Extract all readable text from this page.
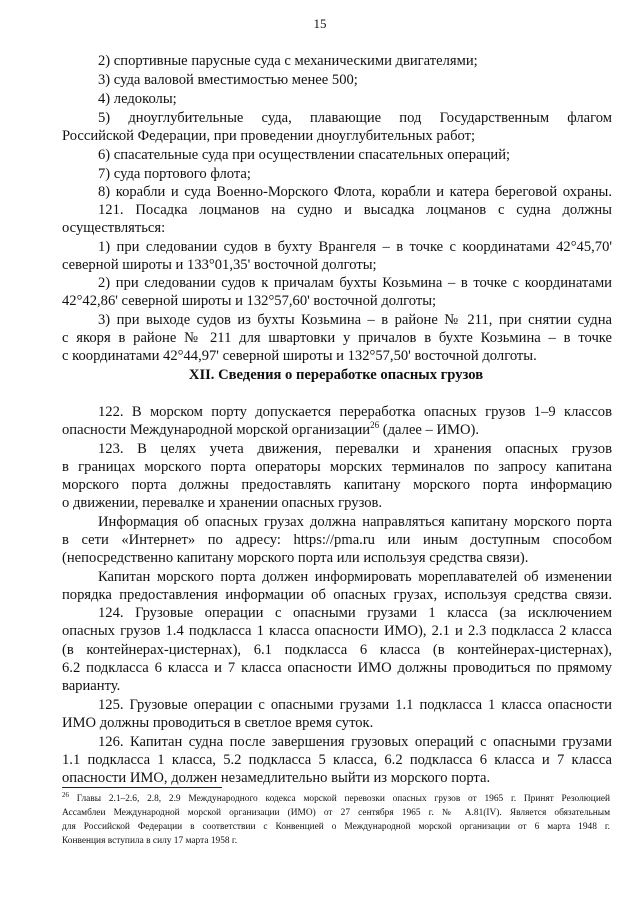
15
2) спортивные парусные суда с механическими двигателями;
3) суда валовой вместимостью менее 500;
4) ледоколы;
5) дноуглубительные суда, плавающие под Государственным флагом
Российской Федерации, при проведении дноуглубительных работ;
6) спасательные суда при осуществлении спасательных операций;
7) суда портового флота;
8) корабли и суда Военно-Морского Флота, корабли и катера береговой охраны.
121. Посадка лоцманов на судно и высадка лоцманов с судна должны
осуществляться:
1) при следовании судов в бухту Врангеля – в точке с координатами 42°45,70'
северной широты и 133°01,35' восточной долготы;
2) при следовании судов к причалам бухты Козьмина – в точке с координатами
42°42,86' северной широты и 132°57,60' восточной долготы;
3) при выходе судов из бухты Козьмина – в районе № 211, при снятии судна
с якоря в районе № 211 для швартовки у причалов в бухте Козьмина – в точке
с координатами 42°44,97' северной широты и 132°57,50' восточной долготы.
XII. Сведения о переработке опасных грузов
122. В морском порту допускается переработка опасных грузов 1–9 классов
опасности Международной морской организации$^{26}$ (далее – ИМО).
123. В целях учета движения, перевалки и хранения опасных грузов
в границах морского порта операторы морских терминалов по запросу капитана
морского порта должны предоставлять капитану морского порта информацию
о движении, перевалке и хранении опасных грузов.
Информация об опасных грузах должна направляться капитану морского порта
в сети «Интернет» по адресу: https://pma.ru или иным доступным способом
(непосредственно капитану морского порта или используя средства связи).
Капитан морского порта должен информировать мореплавателей об изменении
порядка предоставления информации об опасных грузах, используя средства связи.
124. Грузовые операции с опасными грузами 1 класса (за исключением
опасных грузов 1.4 подкласса 1 класса опасности ИМО), 2.1 и 2.3 подкласса 2 класса
(в контейнерах-цистернах), 6.1 подкласса 6 класса (в контейнерах-цистернах),
6.2 подкласса 6 класса и 7 класса опасности ИМО должны проводиться по прямому
варианту.
125. Грузовые операции с опасными грузами 1.1 подкласса 1 класса опасности
ИМО должны проводиться в светлое время суток.
126. Капитан судна после завершения грузовых операций с опасными грузами
1.1 подкласса 1 класса, 5.2 подкласса 5 класса, 6.2 подкласса 6 класса и 7 класса
опасности ИМО, должен незамедлительно выйти из морского порта.
$^{26}$ Главы 2.1–2.6, 2.8, 2.9 Международного кодекса морской перевозки опасных грузов от 1965 г. Принят Резолюцией
Ассамблеи Международной морской организации (ИМО) от 27 сентября 1965 г. № А.81(IV). Является обязательным
для Российской Федерации в соответствии с Конвенцией о Международной морской организации от 6 марта 1948 г.
Конвенция вступила в силу 17 марта 1958 г.
